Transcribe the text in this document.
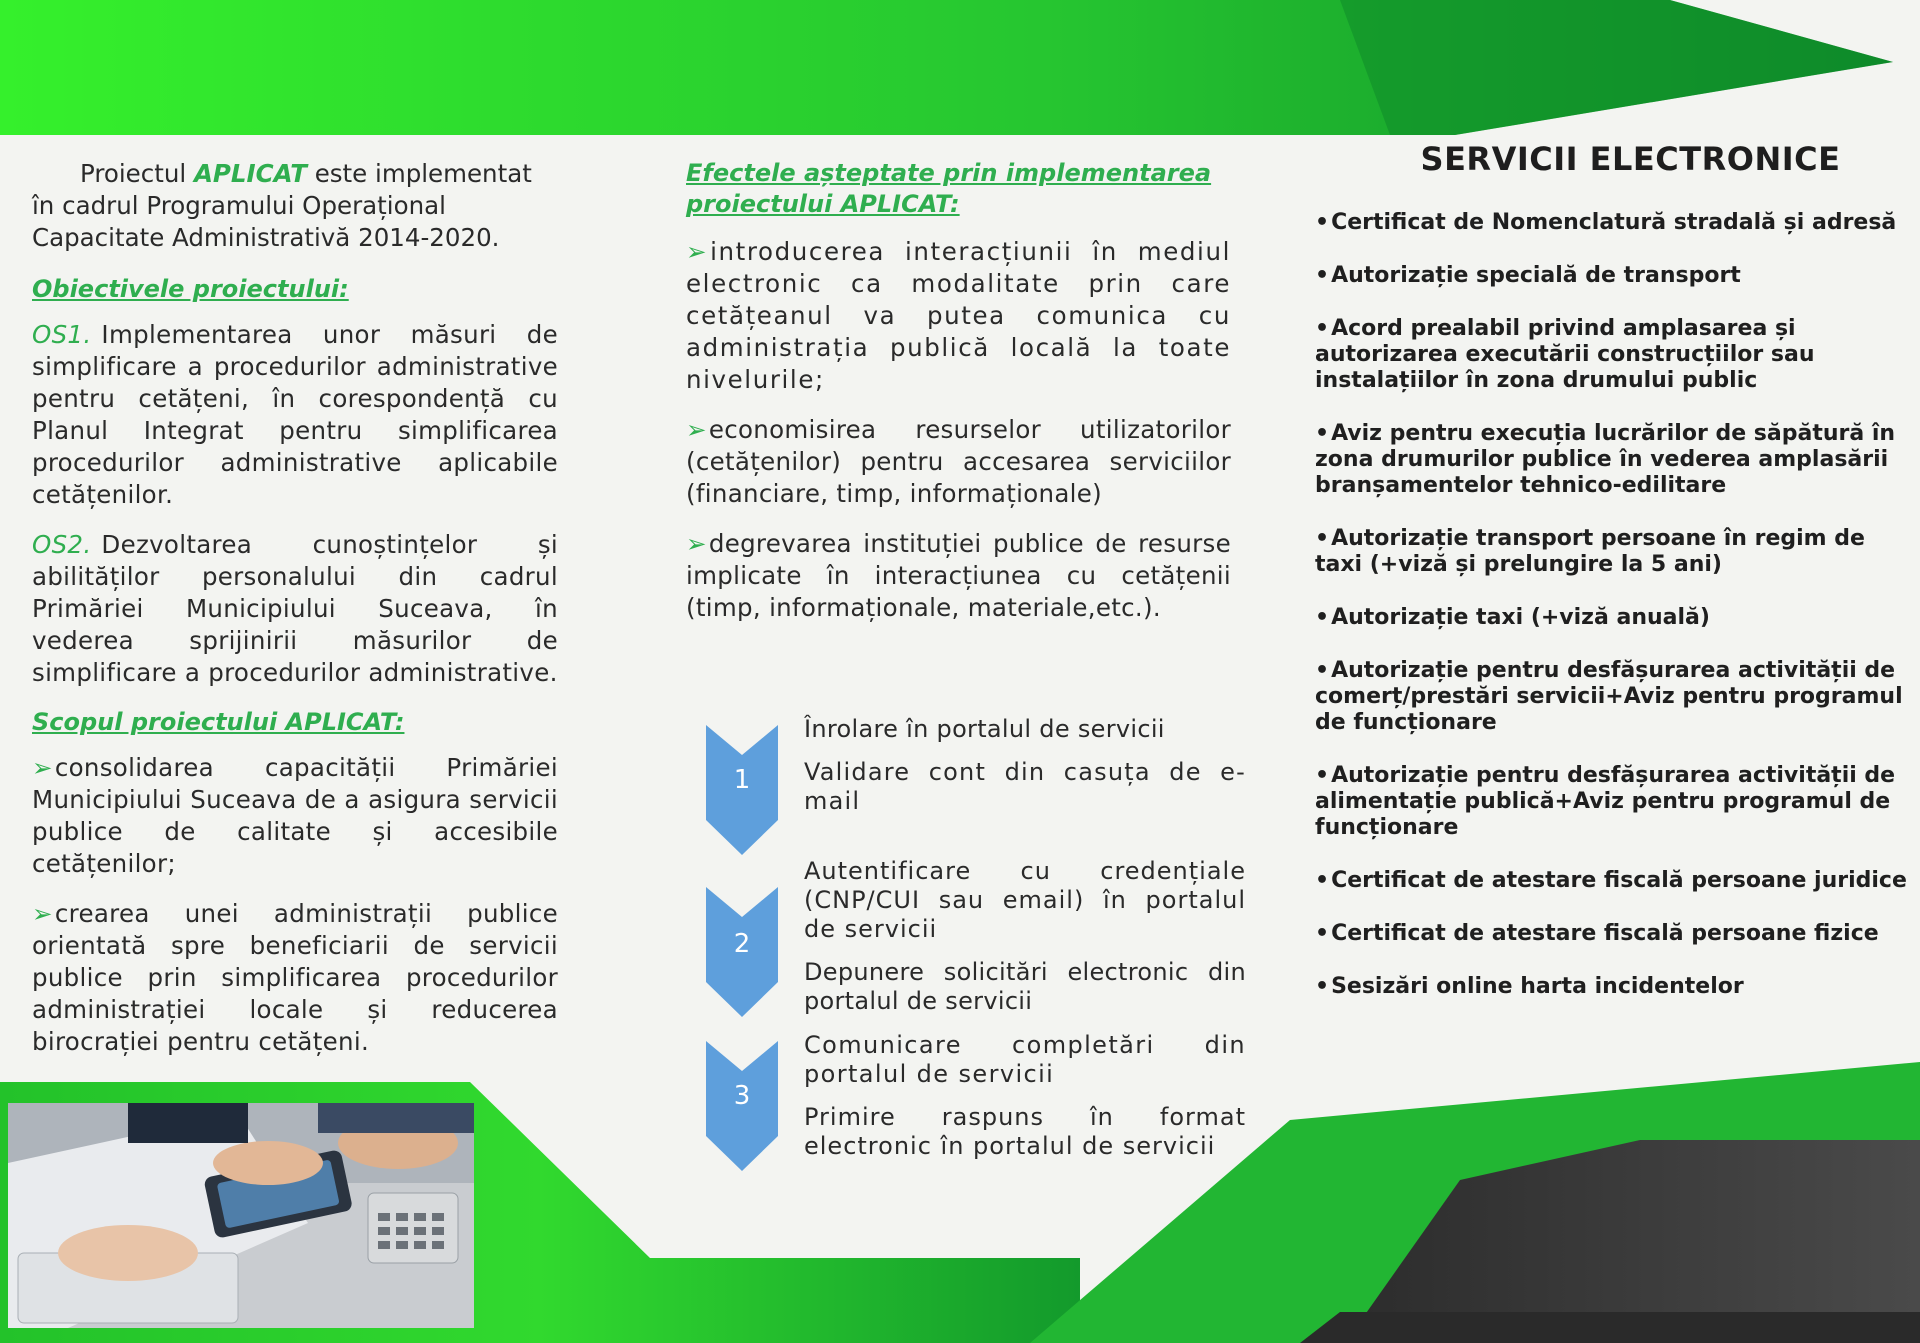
Proiectul APLICAT este implementat în cadrul Programului Operațional Capacitate Administrativă 2014-2020.

Obiectivele proiectului:

OS1. Implementarea unor măsuri de simplificare a procedurilor administrative pentru cetățeni, în corespondență cu Planul Integrat pentru simplificarea procedurilor administrative aplicabile cetățenilor.

OS2. Dezvoltarea cunoștințelor și abilităților personalului din cadrul Primăriei Municipiului Suceava, în vederea sprijinirii măsurilor de simplificare a procedurilor administrative.

Scopul proiectului APLICAT:

➢ consolidarea capacității Primăriei Municipiului Suceava de a asigura servicii publice de calitate și accesibile cetățenilor;

➢ crearea unei administrații publice orientată spre beneficiarii de servicii publice prin simplificarea procedurilor administrației locale și reducerea birocrației pentru cetățeni.

Efectele așteptate prin implementarea proiectului APLICAT:

➢ introducerea interacțiunii în mediul electronic ca modalitate prin care cetățeanul va putea comunica cu administrația publică locală la toate nivelurile;

➢ economisirea resurselor utilizatorilor (cetățenilor) pentru accesarea serviciilor (financiare, timp, informaționale)

➢ degrevarea instituției publice de resurse implicate în interacțiunea cu cetățenii (timp, informaționale, materiale,etc.).

1

Înrolare în portalul de servicii

Validare cont din casuța de e-mail

2

Autentificare cu credențiale (CNP/CUI sau email) în portalul de servicii

Depunere solicitări electronic din portalul de servicii

3

Comunicare completări din portalul de servicii

Primire raspuns în format electronic în portalul de servicii

SERVICII ELECTRONICE

• Certificat de Nomenclatură stradală și adresă

• Autorizație specială de transport

• Acord prealabil privind amplasarea și autorizarea executării construcțiilor sau instalațiilor în zona drumului public

• Aviz pentru execuția lucrărilor de săpătură în zona drumurilor publice în vederea amplasării branșamentelor tehnico-edilitare

• Autorizație transport persoane în regim de taxi (+viză și prelungire la 5 ani)

• Autorizație taxi (+viză anuală)

• Autorizație pentru desfășurarea activității de comerț/prestări servicii+Aviz pentru programul de funcționare

• Autorizație pentru desfășurarea activității de alimentație publică+Aviz pentru programul de funcționare

• Certificat de atestare fiscală persoane juridice

• Certificat de atestare fiscală persoane fizice

• Sesizări online harta incidentelor
